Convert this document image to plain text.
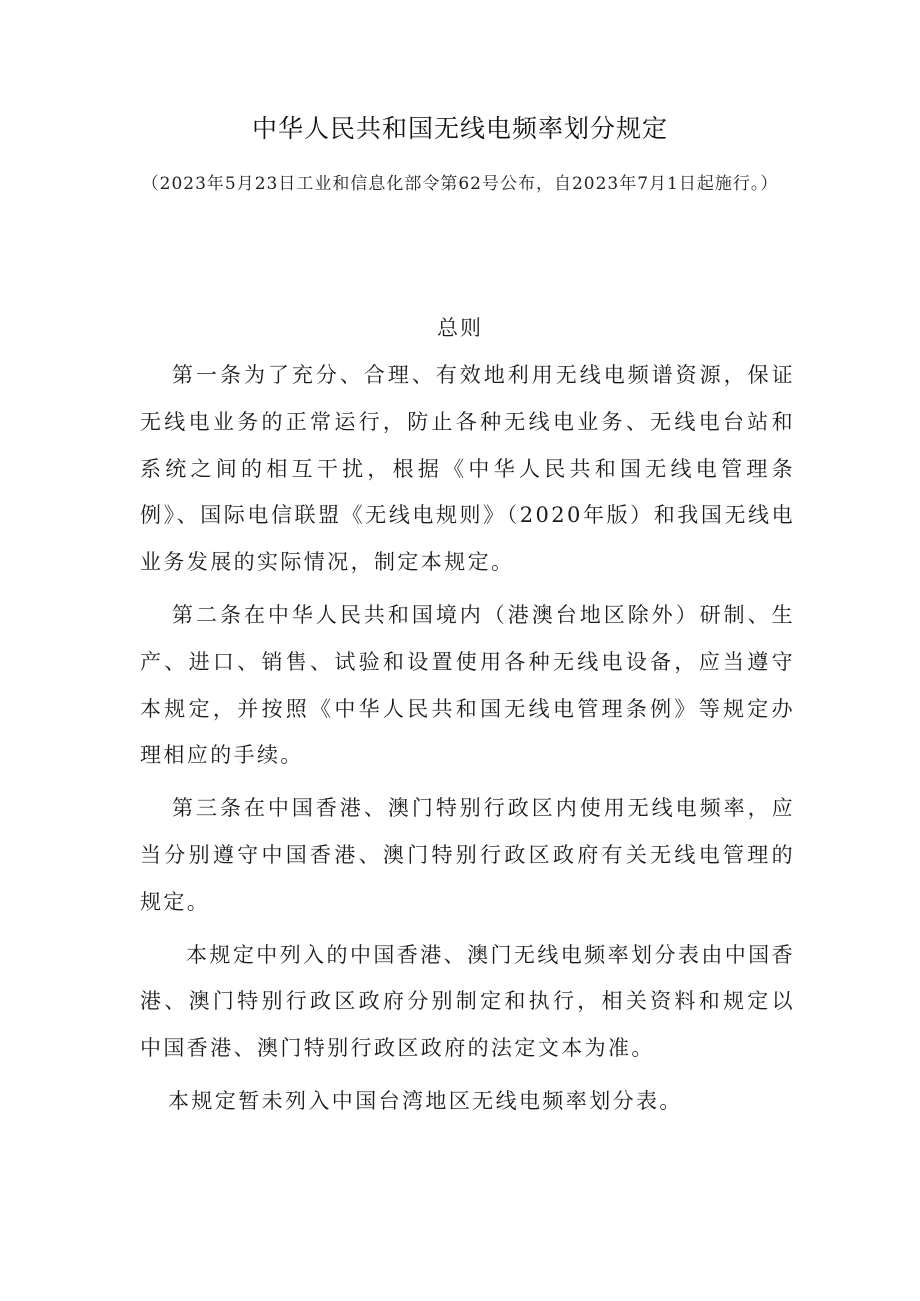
中华人民共和国无线电频率划分规定
（2023年5月23日工业和信息化部令第62号公布，自2023年7月1日起施行。）
总则

第一条为了充分、合理、有效地利用无线电频谱资源，保证无线电业务的正常运行，防止各种无线电业务、无线电台站和系统之间的相互干扰，根据《中华人民共和国无线电管理条例》、国际电信联盟《无线电规则》（2020年版）和我国无线电业务发展的实际情况，制定本规定。

第二条在中华人民共和国境内（港澳台地区除外）研制、生产、进口、销售、试验和设置使用各种无线电设备，应当遵守本规定，并按照《中华人民共和国无线电管理条例》等规定办理相应的手续。

第三条在中国香港、澳门特别行政区内使用无线电频率，应当分别遵守中国香港、澳门特别行政区政府有关无线电管理的规定。

本规定中列入的中国香港、澳门无线电频率划分表由中国香港、澳门特别行政区政府分别制定和执行，相关资料和规定以中国香港、澳门特别行政区政府的法定文本为准。

本规定暂未列入中国台湾地区无线电频率划分表。
